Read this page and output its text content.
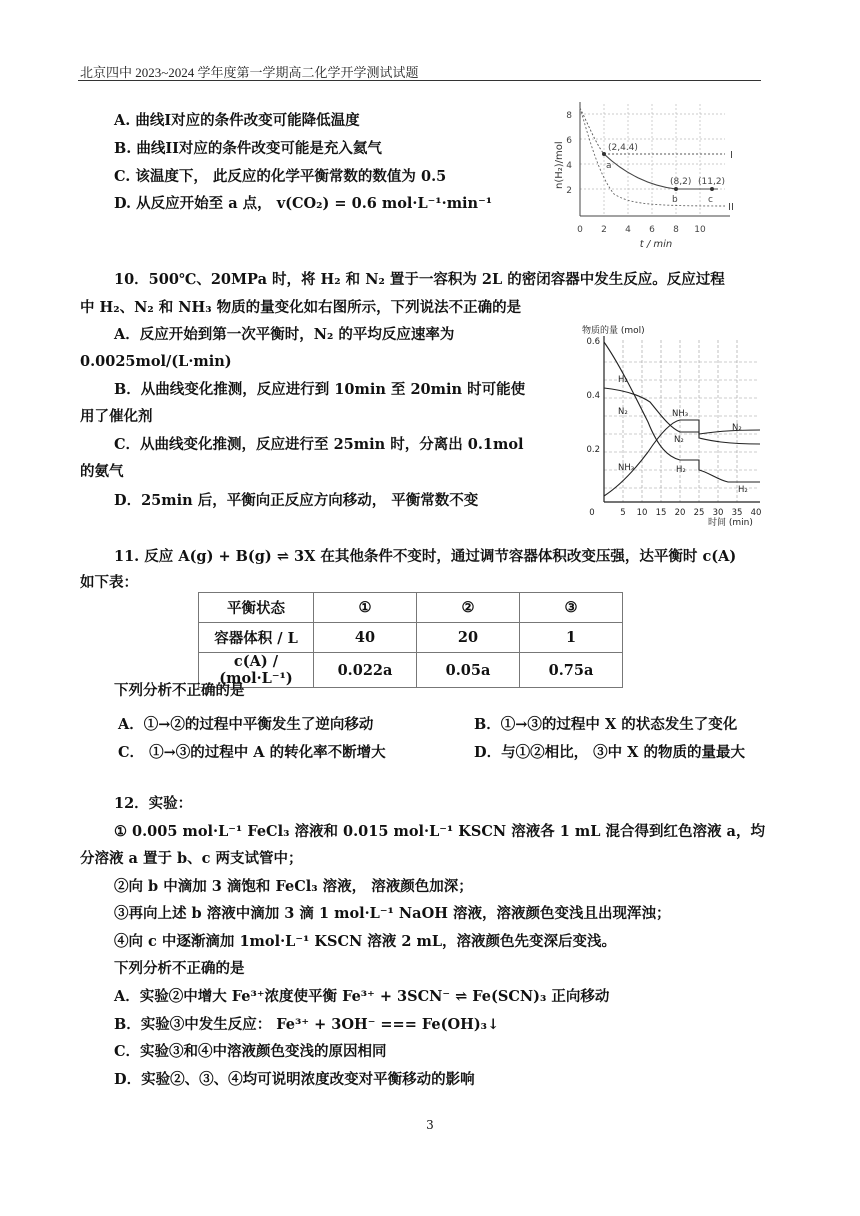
北京四中 2023~2024 学年度第一学期高二化学开学测试试题
A. 曲线I对应的条件改变可能降低温度
B. 曲线II对应的条件改变可能是充入氦气
C. 该温度下， 此反应的化学平衡常数的数值为 0.5
D. 从反应开始至 a 点， v(CO₂) = 0.6 mol·L⁻¹·min⁻¹
8
6
4
2
0 2 4 6 8 10
t / min
n(H₂)/mol	(2,4.4)
(8,2) (11,2)
a
b	c
I
II
10．500℃、20MPa 时，将 H₂ 和 N₂ 置于一容积为 2L 的密闭容器中发生反应。反应过程
中 H₂、N₂ 和 NH₃ 物质的量变化如右图所示，下列说法不正确的是
A．反应开始到第一次平衡时，N₂ 的平均反应速率为
0.0025mol/(L·min)
B．从曲线变化推测，反应进行到 10min 至 20min 时可能使
用了催化剂
C．从曲线变化推测，反应进行至 25min 时，分离出 0.1mol
的氨气
D．25min 后，平衡向正反应方向移动， 平衡常数不变
0.6
0.4
0.2
0	5 10 15 20 25 30 35 40
物质的量 (mol)
时间 (min)
H₂
N₂	NH₃
N₂
H₂
NH₃
N₂
H₂
11. 反应 A(g) + B(g) ⇌ 3X 在其他条件不变时，通过调节容器体积改变压强，达平衡时 c(A)
如下表：
平衡状态	①	②	③
容器体积 / L	40	20	1
c(A) / (mol·L⁻¹)	0.022a	0.05a	0.75a
下列分析不正确的是
A．①→②的过程中平衡发生了逆向移动	B．①→③的过程中 X 的状态发生了变化
C． ①→③的过程中 A 的转化率不断增大	D．与①②相比， ③中 X 的物质的量最大
12．实验：
① 0.005 mol·L⁻¹ FeCl₃ 溶液和 0.015 mol·L⁻¹ KSCN 溶液各 1 mL 混合得到红色溶液 a，均
分溶液 a 置于 b、c 两支试管中；
②向 b 中滴加 3 滴饱和 FeCl₃ 溶液， 溶液颜色加深；
③再向上述 b 溶液中滴加 3 滴 1 mol·L⁻¹ NaOH 溶液，溶液颜色变浅且出现浑浊；
④向 c 中逐渐滴加 1mol·L⁻¹ KSCN 溶液 2 mL，溶液颜色先变深后变浅。
下列分析不正确的是
A．实验②中增大 Fe³⁺浓度使平衡 Fe³⁺ + 3SCN⁻ ⇌ Fe(SCN)₃ 正向移动
B．实验③中发生反应： Fe³⁺ + 3OH⁻ === Fe(OH)₃↓
C．实验③和④中溶液颜色变浅的原因相同
D．实验②、③、④均可说明浓度改变对平衡移动的影响
3
